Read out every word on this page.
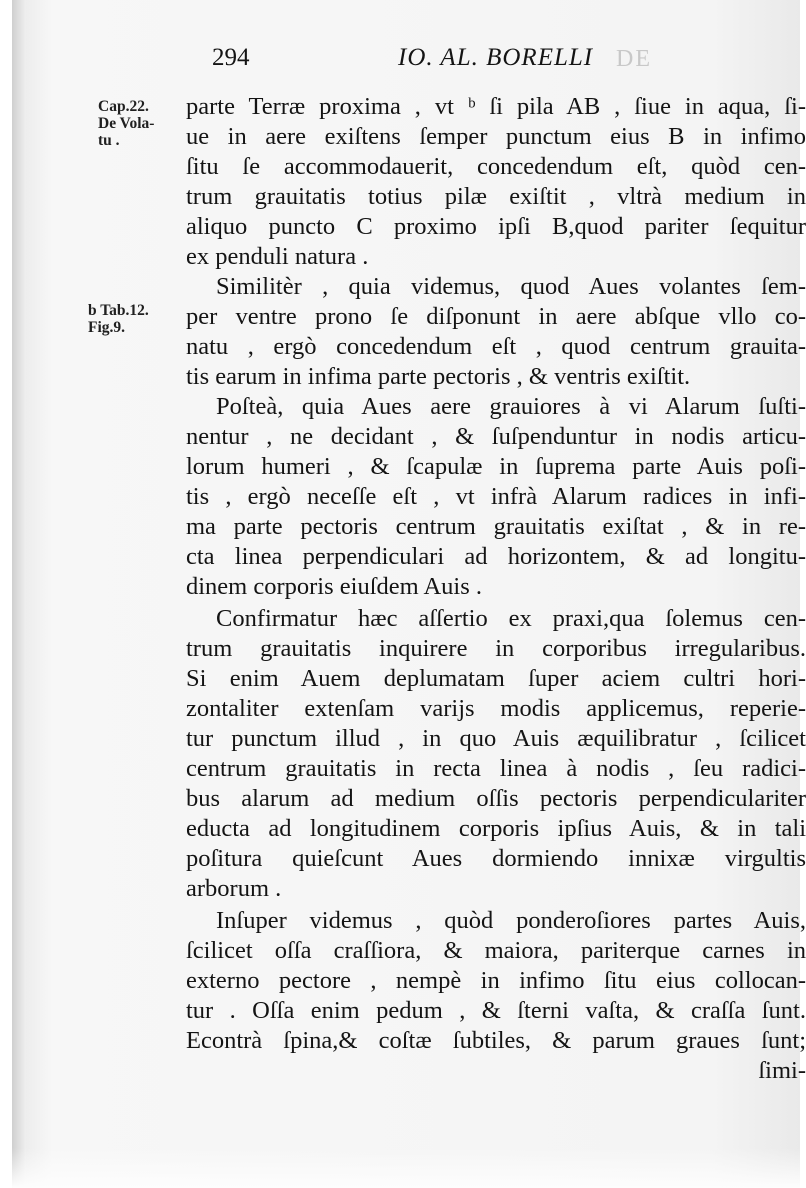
294	IO. AL. BORELLI DE
Cap.22.
De Vola-
tu .
b Tab.12.
Fig.9.
parte Terræ proxima , vt ᵇ ſi pila AB , ſiue in aqua, ſi-
ue in aere exiſtens ſemper punctum eius B in infimo
ſitu ſe accommodauerit, concedendum eſt, quòd cen-
trum grauitatis totius pilæ exiſtit , vltrà medium in
aliquo puncto C proximo ipſi B,quod pariter ſequitur
ex penduli natura .
Similitèr , quia videmus, quod Aues volantes ſem-
per ventre prono ſe diſponunt in aere abſque vllo co-
natu , ergò concedendum eſt , quod centrum grauita-
tis earum in infima parte pectoris , & ventris exiſtit.
Poſteà, quia Aues aere grauiores à vi Alarum ſuſti-
nentur , ne decidant , & ſuſpenduntur in nodis articu-
lorum humeri , & ſcapulæ in ſuprema parte Auis poſi-
tis , ergò neceſſe eſt , vt infrà Alarum radices in infi-
ma parte pectoris centrum grauitatis exiſtat , & in re-
cta linea perpendiculari ad horizontem, & ad longitu-
dinem corporis eiuſdem Auis .
Confirmatur hæc aſſertio ex praxi,qua ſolemus cen-
trum grauitatis inquirere in corporibus irregularibus.
Si enim Auem deplumatam ſuper aciem cultri hori-
zontaliter extenſam varijs modis applicemus, reperie-
tur punctum illud , in quo Auis æquilibratur , ſcilicet
centrum grauitatis in recta linea à nodis , ſeu radici-
bus alarum ad medium oſſis pectoris perpendiculariter
educta ad longitudinem corporis ipſius Auis, & in tali
poſitura quieſcunt Aues dormiendo innixæ virgultis
arborum .
Inſuper videmus , quòd ponderoſiores partes Auis,
ſcilicet oſſa craſſiora, & maiora, pariterque carnes in
externo pectore , nempè in infimo ſitu eius collocan-
tur . Oſſa enim pedum , & ſterni vaſta, & craſſa ſunt.
Econtrà ſpina,& coſtæ ſubtiles, & parum graues ſunt;
ſimi-
